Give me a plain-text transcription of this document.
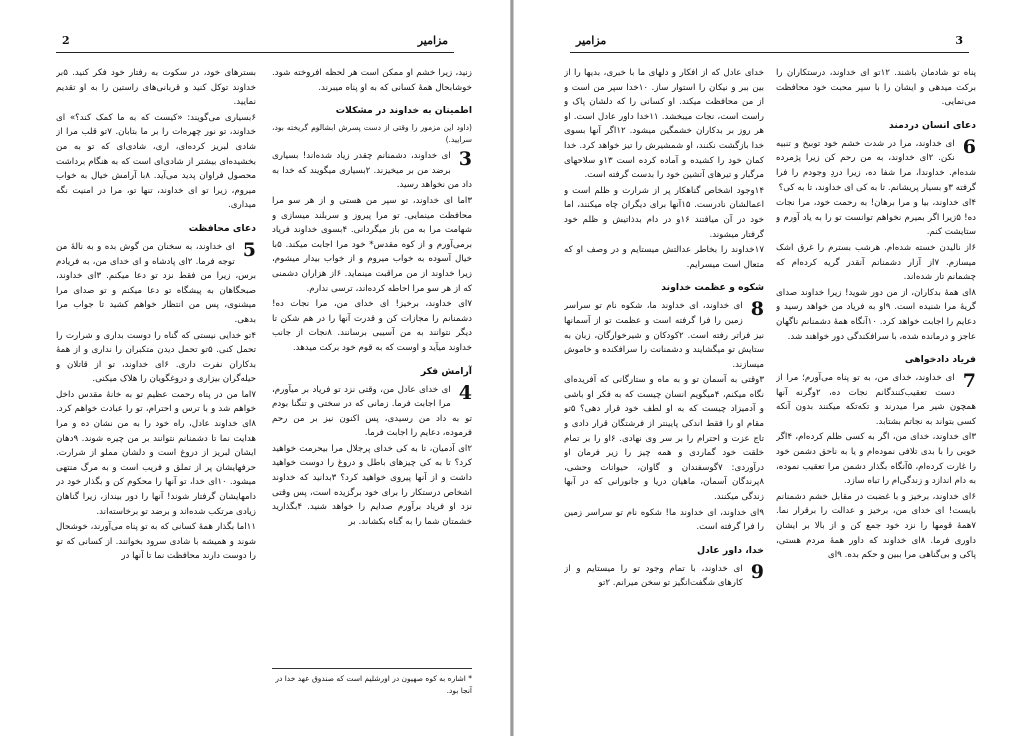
2	مزامیر

بسترهای خود، در سکوت به رفتار خود فکر کنید. ۵بر خداوند توکل کنید و قربانی‌های راستین را به او تقدیم نمایید.

۶بسیاری می‌گویند: «کیست که به ما کمک کند؟» ای خداوند، تو نور چهره‌ات را بر ما بتابان. ۷تو قلب مرا از شادی لبریز کرده‌ای، اری، شادی‌ای که تو به من بخشیده‌ای بیشتر از شادی‌ای است که به هنگام برداشت محصول فراوان پدید می‌آید. ۸با آرامش خیال به خواب میروم، زیرا تو ای خداوند، تنها تو، مرا در امنیت نگه میداری.

دعای محافظت

5
ای خداوند، به سخنان من گوش بده و به نالهٔ من توجه فرما. ۲ای پادشاه و ای خدای من، به فریادم برس، زیرا من فقط نزد تو دعا میکنم. ۳ای خداوند، صبحگاهان به پیشگاه تو دعا میکنم و تو صدای مرا میشنوی، پس من انتظار خواهم کشید تا جواب مرا بدهی.

۴تو خدایی نیستی که گناه را دوست بداری و شرارت را تحمل کنی. ۵تو تحمل دیدن متکبران را نداری و از همهٔ بدکاران نفرت داری. ۶ای خداوند، تو از قاتلان و حیله‌گران بیزاری و دروغگویان را هلاک میکنی.

۷اما من در پناه رحمت عظیم تو به خانهٔ مقدس داخل خواهم شد و با ترس و احترام، تو را عبادت خواهم کرد. ۸ای خداوند عادل، راه خود را به من نشان ده و مرا هدایت نما تا دشمنانم نتوانند بر من چیره شوند. ۹دهان ایشان لبریز از دروغ است و دلشان مملو از شرارت. حرفهایشان پر از تملق و فریب است و به مرگ منتهی میشود. ۱۰ای خدا، تو آنها را محکوم کن و بگذار خود در دامهایشان گرفتار شوند! آنها را دور بینداز، زیرا گناهان زیادی مرتکب شده‌اند و برضد تو برخاسته‌اند.

۱۱اما بگذار همهٔ کسانی که به تو پناه می‌آورند، خوشحال شوند و همیشه با شادی سرود بخوانند. از کسانی که تو را دوست دارند محافظت نما تا آنها در

زنید، زیرا خشم او ممکن است هر لحظه افروخته شود. خوشابحال همهٔ کسانی که به او پناه میبرند.

اطمینان به خداوند در مشکلات
(داود این مزمور را وقتی از دست پسرش ابشالوم گریخته بود، سرایید.)

3
ای خداوند، دشمنانم چقدر زیاد شده‌اند! بسیاری برضد من بر میخیزند. ۲بسیاری میگویند که خدا به داد من نخواهد رسید.

۳اما ای خداوند، تو سپر من هستی و از هر سو مرا محافظت مینمایی. تو مرا پیروز و سربلند میسازی و شهامت مرا به من باز میگردانی. ۴بسوی خداوند فریاد برمی‌آورم و از کوه مقدس* خود مرا اجابت میکند. ۵با خیال آسوده به خواب میروم و از خواب بیدار میشوم، زیرا خداوند از من مراقبت مینماید. ۶از هزاران دشمنی که از هر سو مرا احاطه کرده‌اند، ترسی ندارم.

۷ای خداوند، برخیز! ای خدای من، مرا نجات ده! دشمنانم را مجازات کن و قدرت آنها را در هم شکن تا دیگر نتوانند به من آسیبی برسانند. ۸نجات از جانب خداوند میآید و اوست که به قوم خود برکت میدهد.

آرامش فکر

4
ای خدای عادل من، وقتی نزد تو فریاد بر میآورم، مرا اجابت فرما. زمانی که در سختی و تنگنا بودم تو به داد من رسیدی، پس اکنون نیز بر من رحم فرموده، دعایم را اجابت فرما.

۲ای آدمیان، تا به کی خدای پرجلال مرا بیحرمت خواهید کرد؟ تا به کی چیزهای باطل و دروغ را دوست خواهید داشت و از آنها پیروی خواهید کرد؟ ۳بدانید که خداوند اشخاص درستکار را برای خود برگزیده است، پس وقتی نزد او فریاد برآورم صدایم را خواهد شنید. ۴بگذارید خشمتان شما را به گناه بکشاند. بر

* اشاره به کوه صهیون در اورشلیم است که صندوق عهد خدا در آنجا بود.
3
مزامیر

خدای عادل که از افکار و دلهای ما با خبری، بدیها را از بین ببر و نیکان را استوار ساز. ۱۰خدا سپر من است و از من محافظت میکند. او کسانی را که دلشان پاک و راست است، نجات میبخشد. ۱۱خدا داور عادل است. او هر روز بر بدکاران خشمگین میشود. ۱۲اگر آنها بسوی خدا بازگشت نکنند، او شمشیرش را تیز خواهد کرد. خدا کمان خود را کشیده و آماده کرده است ۱۳و سلاحهای مرگبار و تیرهای آتشین خود را بدست گرفته است.

۱۴وجود اشخاص گناهکار پر از شرارت و ظلم است و اعمالشان نادرست. ۱۵آنها برای دیگران چاه میکنند، اما خود در آن میافتند ۱۶و در دام بدذاتیش و ظلم خود گرفتار میشوند.

۱۷خداوند را بخاطر عدالتش میستایم و در وصف او که متعال است میسرایم.

شکوه و عظمت خداوند

8
ای خداوند، ای خداوند ما، شکوه نام تو سراسر زمین را فرا گرفته است و عظمت تو از آسمانها نیز فراتر رفته است. ۲کودکان و شیرخوارگان، زبان به ستایش تو میگشایند و دشمنانت را سرافکنده و خاموش میسازند.

۳وقتی به آسمان تو و به ماه و ستارگانی که آفریده‌ای نگاه میکنم، ۴میگویم انسان چیست که به فکر او باشی و آدمیزاد چیست که به او لطف خود قرار دهی؟ ۵تو مقام او را فقط اندکی پایینتر از فرشتگان قرار دادی و تاج عزت و احترام را بر سر وی نهادی. ۶او را بر تمام خلقت خود گماردی و همه چیز را زیر فرمان او درآوردی: ۷گوسفندان و گاوان، حیوانات وحشی، ۸پرندگان آسمان، ماهیان دریا و جانورانی که در آبها زندگی میکنند.

۹ای خداوند، ای خداوند ما! شکوه نام تو سراسر زمین را فرا گرفته است.

خدا، داور عادل

9
ای خداوند، با تمام وجود تو را میستایم و از کارهای شگفت‌انگیز تو سخن میرانم. ۲تو

پناه تو شادمان باشند. ۱۲تو ای خداوند، درستکاران را برکت میدهی و ایشان را با سپر محبت خود محافظت می‌نمایی.

دعای انسان دردمند

6
ای خداوند، مرا در شدت خشم خود توبیخ و تنبیه نکن. ۲ای خداوند، به من رحم کن زیرا پژمرده شده‌ام. خداوندا، مرا شفا ده، زیرا دردِ وجودم را فرا گرفته ۳و بسیار پریشانم. تا به کی ای خداوند، تا به کی؟

۴ای خداوند، بیا و مرا برهان! به رحمت خود، مرا نجات ده! ۵زیرا اگر بمیرم نخواهم توانست تو را به یاد آورم و ستایشت کنم.

۶از نالیدن خسته شده‌ام. هرشب بسترم را غرق اشک میسازم. ۷از آزار دشمنانم آنقدر گریه کرده‌ام که چشمانم تار شده‌اند.

۸ای همهٔ بدکاران، از من دور شوید! زیرا خداوند صدای گریهٔ مرا شنیده است. ۹او به فریاد من خواهد رسید و دعایم را اجابت خواهد کرد. ۱۰آنگاه همهٔ دشمنانم ناگهان عاجز و درمانده شده، با سرافکندگی دور خواهند شد.

فریاد دادخواهی

7
ای خداوند، خدای من، به تو پناه می‌آورم؛ مرا از دست تعقیب‌کنندگانم نجات ده، ۲وگرنه آنها همچون شیر مرا میدرند و تکه‌تکه میکنند بدون آنکه کسی بتواند به نجاتم بشتابد.

۳ای خداوند، خدای من، اگر به کسی ظلم کرده‌ام، ۴اگر خوبی را با بدی تلافی نموده‌ام و یا به ناحق دشمن خود را غارت کرده‌ام، ۵آنگاه بگذار دشمن مرا تعقیب نموده، به دام اندازد و زندگی‌ام را تباه سازد.

۶ای خداوند، برخیز و با غضبت در مقابل خشم دشمنانم بایست! ای خدای من، برخیز و عدالت را برقرار نما. ۷همهٔ قومها را نزد خود جمع کن و از بالا بر ایشان داوری فرما. ۸ای خداوند که داور همهٔ مردم هستی، پاکی و بی‌گناهی مرا ببین و حکم بده. ۹ای
